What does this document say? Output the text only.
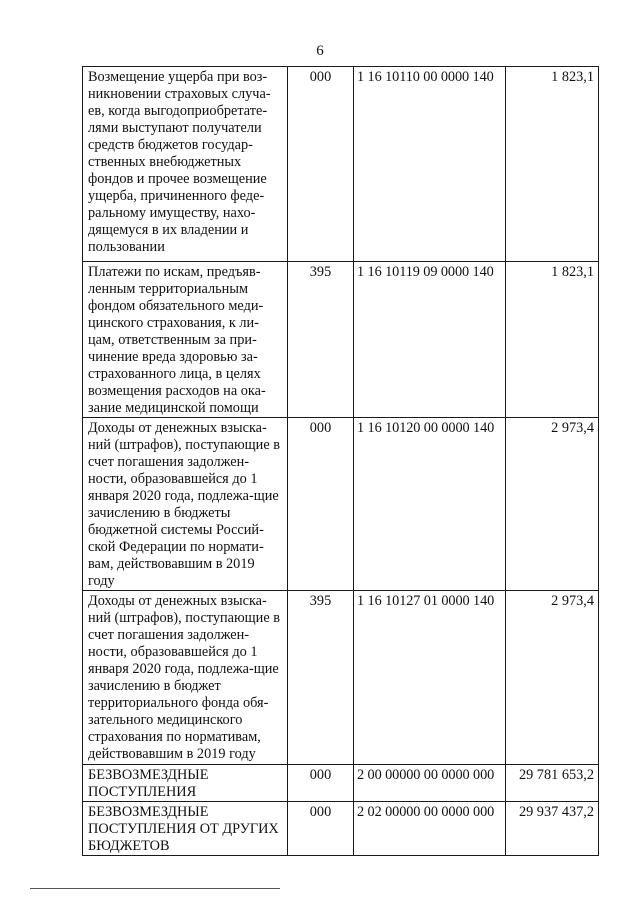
6
Возмещение ущерба при воз-никновении страховых случа-ев, когда выгодоприобретате-лями выступают получатели средств бюджетов государ-ственных внебюджетных фондов и прочее возмещение ущерба, причиненного феде-ральному имуществу, нахо-дящемуся в их владении и пользовании	000	1 16 10110 00 0000 140	1 823,1
Платежи по искам, предъяв-ленным территориальным фондом обязательного меди-цинского страхования, к ли-цам, ответственным за при-чинение вреда здоровью за-страхованного лица, в целях возмещения расходов на ока-зание медицинской помощи	395	1 16 10119 09 0000 140	1 823,1
Доходы от денежных взыска-ний (штрафов), поступающие в счет погашения задолжен-ности, образовавшейся до 1 января 2020 года, подлежа-щие зачислению в бюджеты бюджетной системы Россий-ской Федерации по нормати-вам, действовавшим в 2019 году	000	1 16 10120 00 0000 140	2 973,4
Доходы от денежных взыска-ний (штрафов), поступающие в счет погашения задолжен-ности, образовавшейся до 1 января 2020 года, подлежа-щие зачислению в бюджет территориального фонда обя-зательного медицинского страхования по нормативам, действовавшим в 2019 году	395	1 16 10127 01 0000 140	2 973,4
БЕЗВОЗМЕЗДНЫЕ ПОСТУПЛЕНИЯ	000	2 00 00000 00 0000 000	29 781 653,2
БЕЗВОЗМЕЗДНЫЕ ПОСТУПЛЕНИЯ ОТ ДРУГИХ БЮДЖЕТОВ	000	2 02 00000 00 0000 000	29 937 437,2
